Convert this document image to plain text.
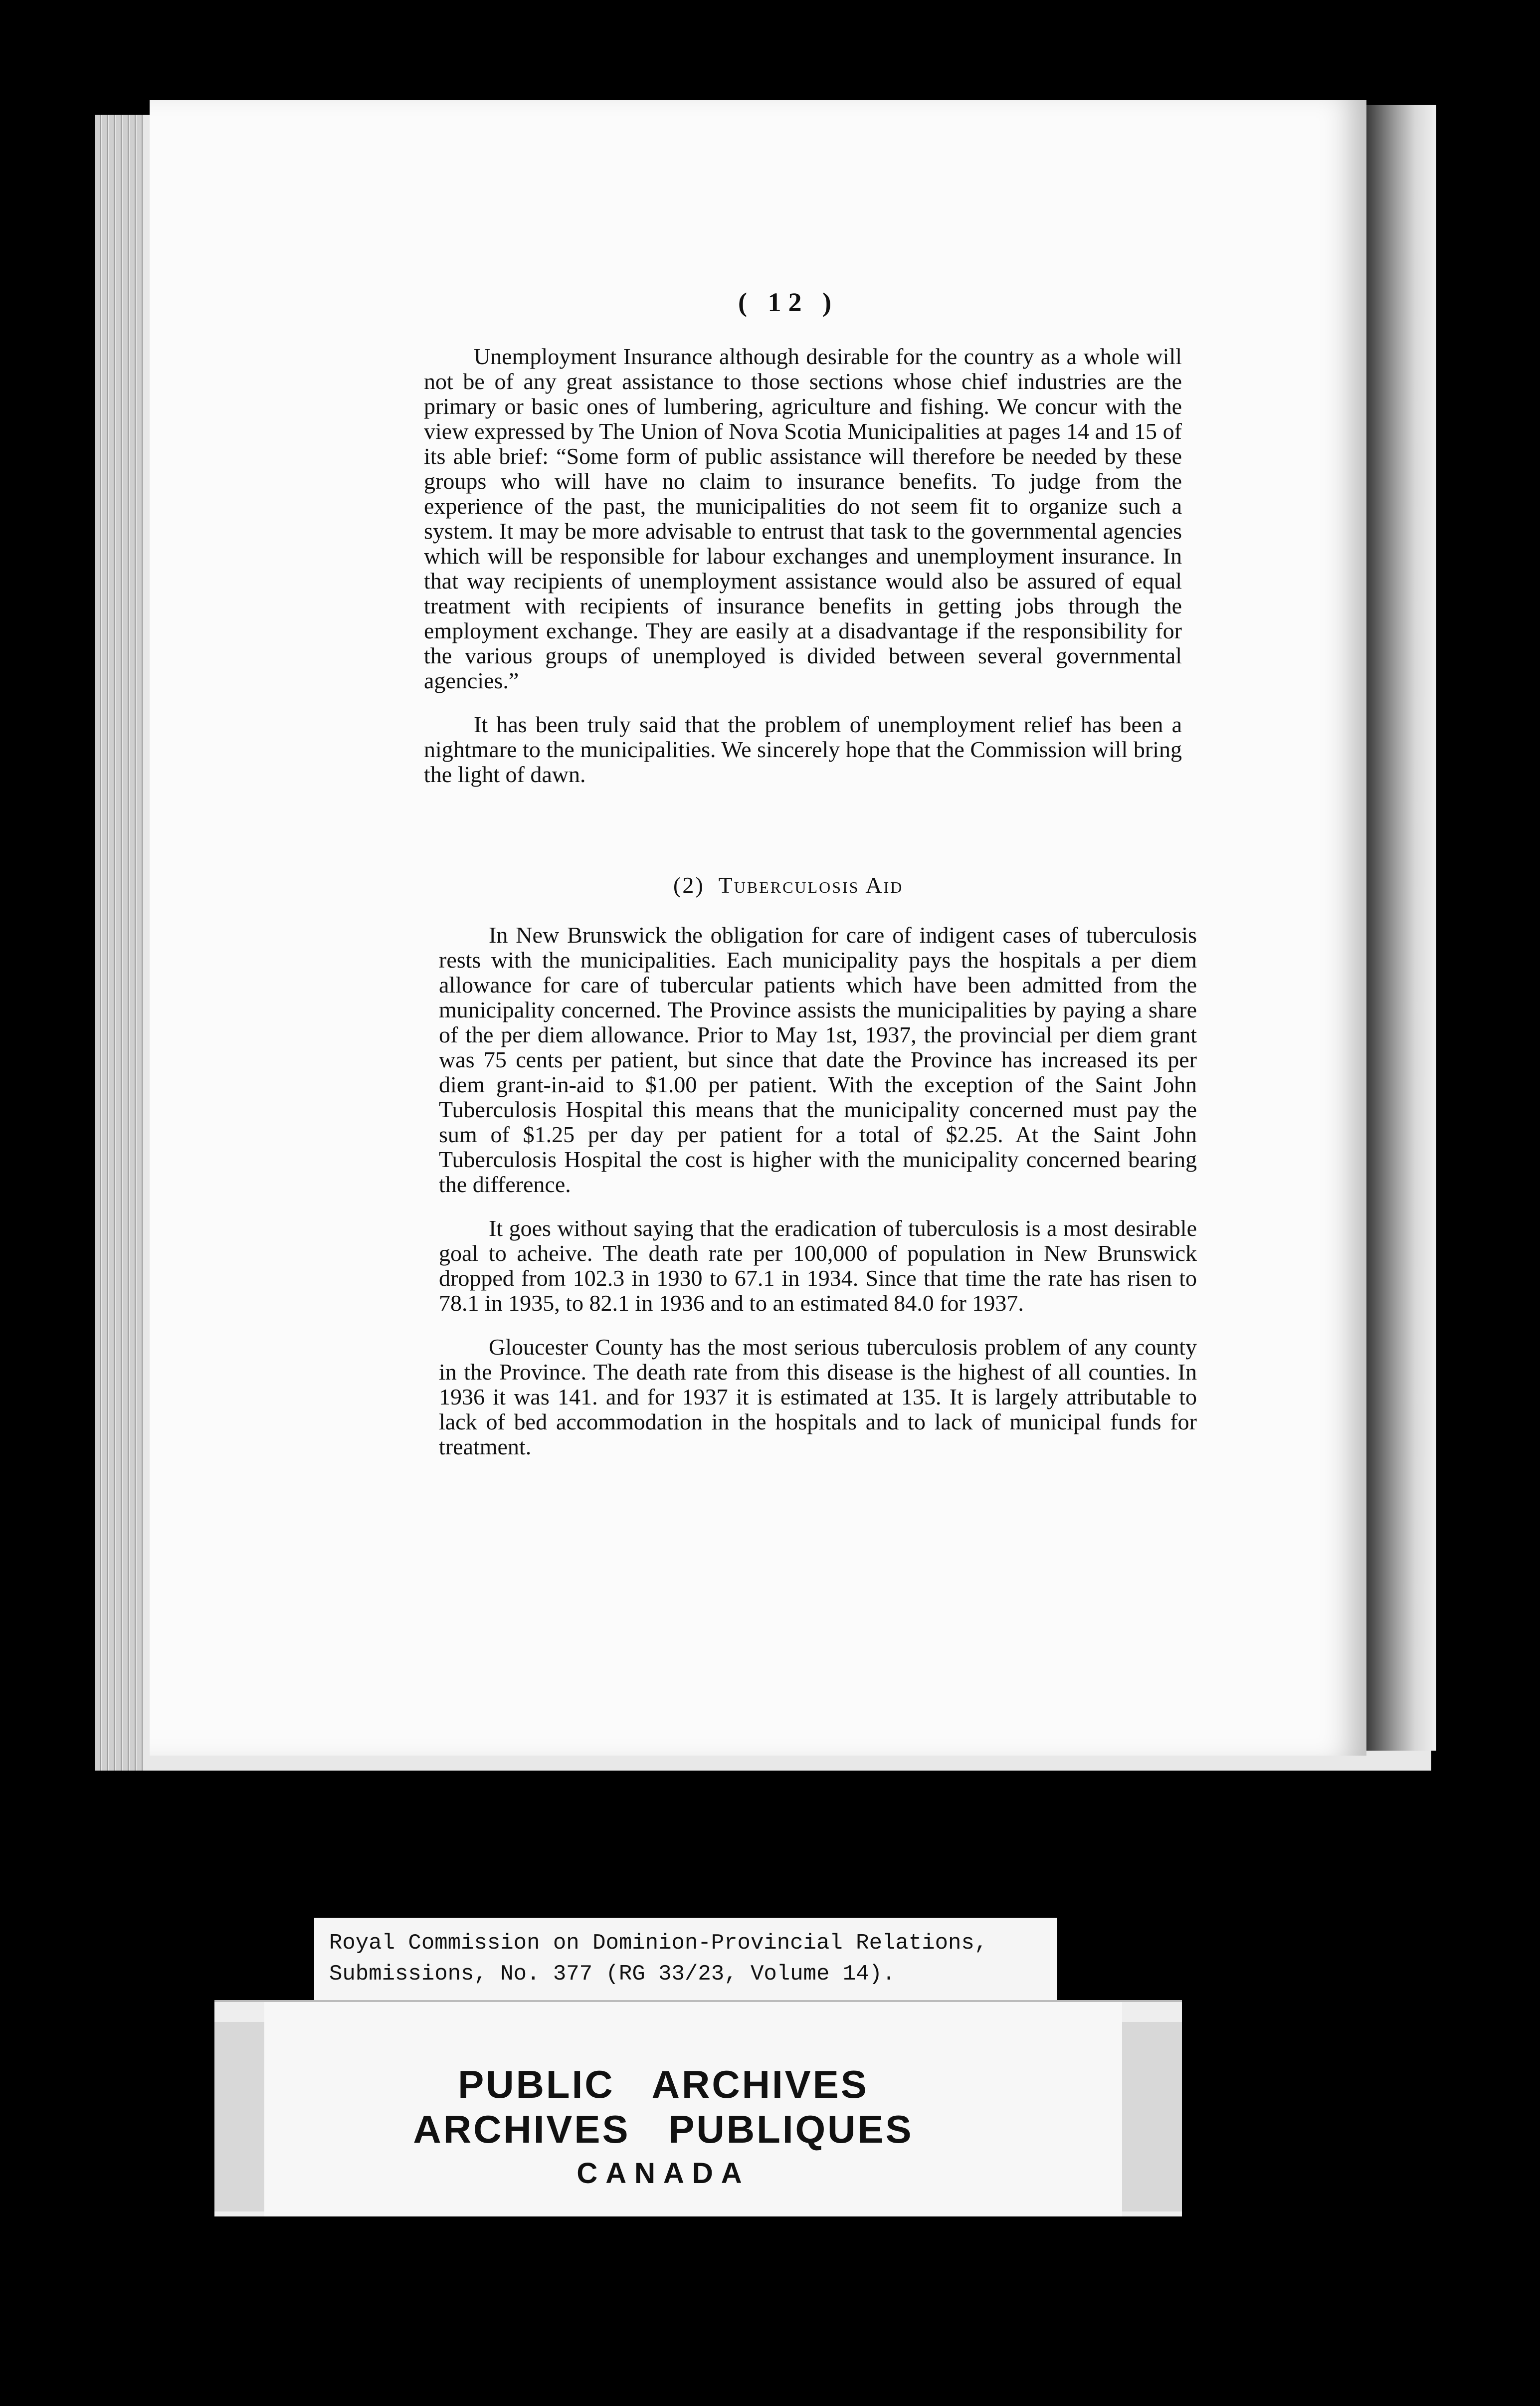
( 12 )

Unemployment Insurance although desirable for the country as a whole will not be of any great assistance to those sections whose chief industries are the primary or basic ones of lumbering, agriculture and fishing. We concur with the view expressed by The Union of Nova Scotia Municipalities at pages 14 and 15 of its able brief: “Some form of public assistance will therefore be needed by these groups who will have no claim to insurance benefits. To judge from the experience of the past, the municipalities do not seem fit to organize such a system. It may be more advisable to entrust that task to the governmental agencies which will be responsible for labour exchanges and unemployment insurance. In that way recipients of unemployment assistance would also be assured of equal treatment with recipients of insurance benefits in getting jobs through the employment exchange. They are easily at a disadvantage if the responsibility for the various groups of unemployed is divided between several governmental agencies.”

It has been truly said that the problem of unemployment relief has been a nightmare to the municipalities. We sincerely hope that the Commission will bring the light of dawn.

(2) Tuberculosis Aid

In New Brunswick the obligation for care of indigent cases of tuberculosis rests with the municipalities. Each municipality pays the hospitals a per diem allowance for care of tubercular patients which have been admitted from the municipality concerned. The Province assists the municipalities by paying a share of the per diem allowance. Prior to May 1st, 1937, the provincial per diem grant was 75 cents per patient, but since that date the Province has increased its per diem grant-in-aid to $1.00 per patient. With the exception of the Saint John Tuberculosis Hospital this means that the municipality concerned must pay the sum of $1.25 per day per patient for a total of $2.25. At the Saint John Tuberculosis Hospital the cost is higher with the municipality concerned bearing the difference.

It goes without saying that the eradication of tuberculosis is a most desirable goal to acheive. The death rate per 100,000 of population in New Brunswick dropped from 102.3 in 1930 to 67.1 in 1934. Since that time the rate has risen to 78.1 in 1935, to 82.1 in 1936 and to an estimated 84.0 for 1937.

Gloucester County has the most serious tuberculosis problem of any county in the Province. The death rate from this disease is the highest of all counties. In 1936 it was 141. and for 1937 it is estimated at 135. It is largely attributable to lack of bed accommodation in the hospitals and to lack of municipal funds for treatment.

Royal Commission on Dominion-Provincial Relations,
Submissions, No. 377 (RG 33/23, Volume 14).
PUBLIC   ARCHIVES
ARCHIVES   PUBLIQUES
CANADA
